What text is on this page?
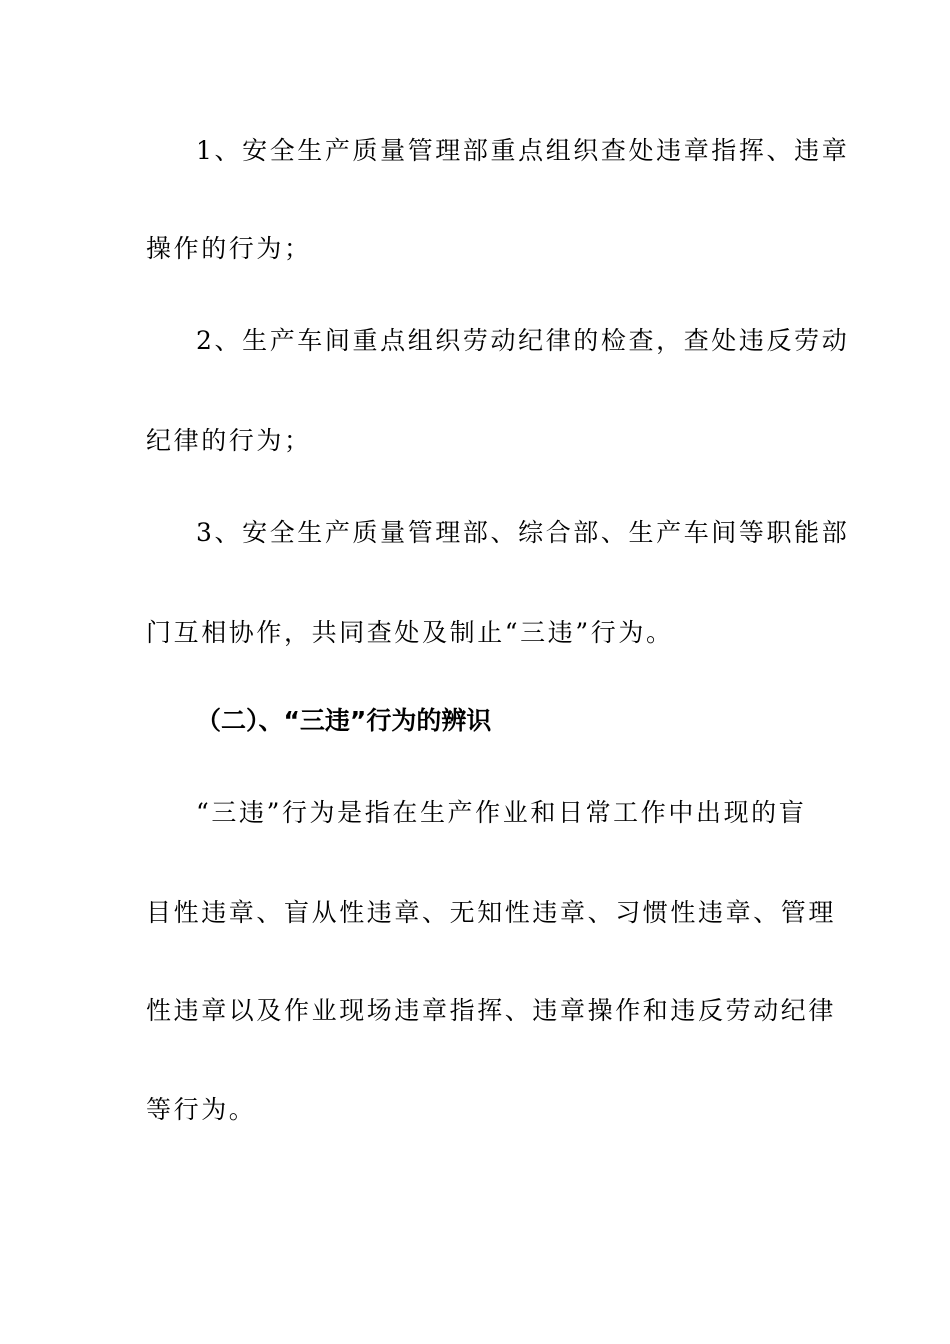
1、安全生产质量管理部重点组织查处违章指挥、违章
操作的行为；
2、生产车间重点组织劳动纪律的检查，查处违反劳动
纪律的行为；
3、安全生产质量管理部、综合部、生产车间等职能部
门互相协作，共同查处及制止“三违”行为。
（二）、“三违”行为的辨识
“三违”行为是指在生产作业和日常工作中出现的盲
目性违章、盲从性违章、无知性违章、习惯性违章、管理
性违章以及作业现场违章指挥、违章操作和违反劳动纪律
等行为。
